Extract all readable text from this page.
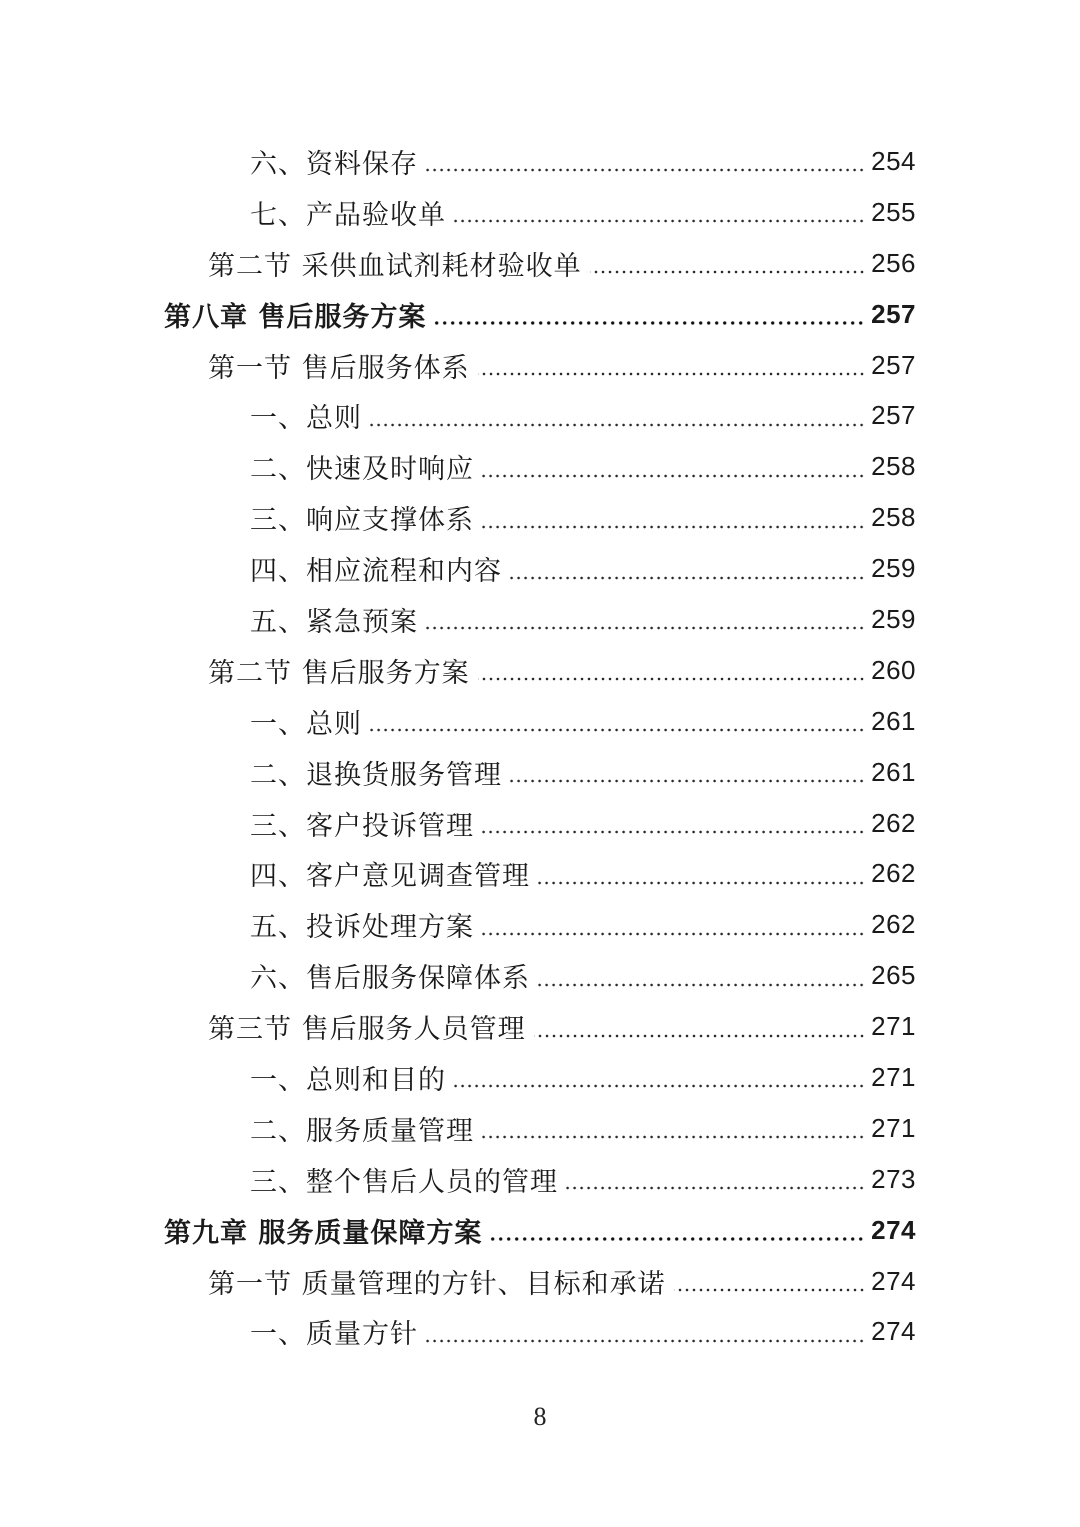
六、资料保存	254
七、产品验收单	255
第二节 采供血试剂耗材验收单	256
第八章 售后服务方案	257
第一节 售后服务体系	257
一、总则	257
二、快速及时响应	258
三、响应支撑体系	258
四、相应流程和内容	259
五、紧急预案	259
第二节 售后服务方案	260
一、总则	261
二、退换货服务管理	261
三、客户投诉管理	262
四、客户意见调查管理	262
五、投诉处理方案	262
六、售后服务保障体系	265
第三节 售后服务人员管理	271
一、总则和目的	271
二、服务质量管理	271
三、整个售后人员的管理	273
第九章 服务质量保障方案	274
第一节 质量管理的方针、目标和承诺	274
一、质量方针	274
8
